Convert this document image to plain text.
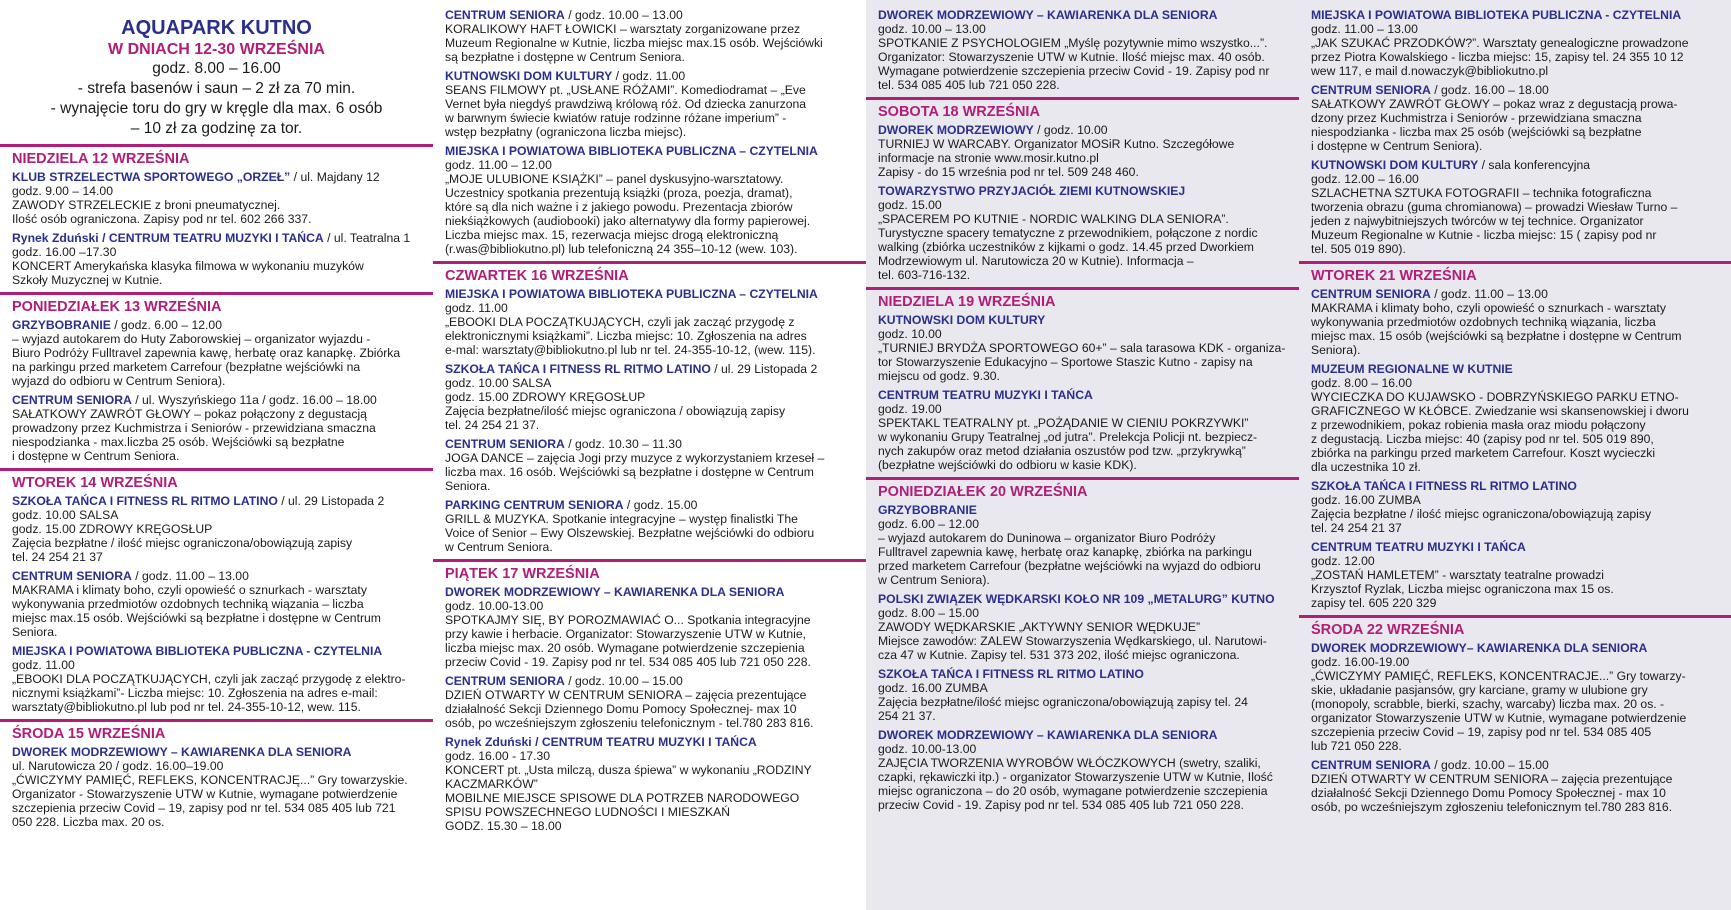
AQUAPARK KUTNO
W DNIACH 12-30 WRZEŚNIA
godz. 8.00 – 16.00
- strefa basenów i saun – 2 zł za 70 min.
- wynajęcie toru do gry w kręgle dla max. 6 osób
– 10 zł za godzinę za tor.
NIEDZIELA 12 WRZEŚNIA
KLUB STRZELECTWA SPORTOWEGO „ORZEŁ” / ul. Majdany 12
godz. 9.00 – 14.00
ZAWODY STRZELECKIE z broni pneumatycznej.
Ilość osób ograniczona. Zapisy pod nr tel. 602 266 337.
Rynek Zduński / CENTRUM TEATRU MUZYKI I TAŃCA / ul. Teatralna 1
godz. 16.00 –17.30
KONCERT Amerykańska klasyka filmowa w wykonaniu muzyków
Szkoły Muzycznej w Kutnie.
PONIEDZIAŁEK 13 WRZEŚNIA
GRZYBOBRANIE / godz. 6.00 – 12.00
– wyjazd autokarem do Huty Zaborowskiej – organizator wyjazdu -
Biuro Podróży Fulltravel zapewnia kawę, herbatę oraz kanapkę. Zbiórka
na parkingu przed marketem Carrefour (bezpłatne wejściówki na
wyjazd do odbioru w Centrum Seniora).
CENTRUM SENIORA / ul. Wyszyńskiego 11a / godz. 16.00 – 18.00
SAŁATKOWY ZAWRÓT GŁOWY – pokaz połączony z degustacją
prowadzony przez Kuchmistrza i Seniorów - przewidziana smaczna
niespodzianka - max.liczba 25 osób. Wejściówki są bezpłatne
i dostępne w Centrum Seniora.
WTOREK 14 WRZEŚNIA
SZKOŁA TAŃCA I FITNESS RL RITMO LATINO / ul. 29 Listopada 2
godz. 10.00 SALSA
godz. 15.00 ZDROWY KRĘGOSŁUP
Zajęcia bezpłatne / ilość miejsc ograniczona/obowiązują zapisy
tel. 24 254 21 37
CENTRUM SENIORA / godz. 11.00 – 13.00
MAKRAMA i klimaty boho, czyli opowieść o sznurkach - warsztaty
wykonywania przedmiotów ozdobnych techniką wiązania – liczba
miejsc max.15 osób. Wejściówki są bezpłatne i dostępne w Centrum
Seniora.
MIEJSKA I POWIATOWA BIBLIOTEKA PUBLICZNA - CZYTELNIA
godz. 11.00
„EBOOKI DLA POCZĄTKUJĄCYCH, czyli jak zacząć przygodę z elektro-
nicznymi książkami”- Liczba miejsc: 10. Zgłoszenia na adres e-mail:
warsztaty@bibliokutno.pl lub pod nr tel. 24-355-10-12, wew. 115.
ŚRODA 15 WRZEŚNIA
DWOREK MODRZEWIOWY – KAWIARENKA DLA SENIORA
ul. Narutowicza 20 / godz. 16.00–19.00
„ĆWICZYMY PAMIĘĆ, REFLEKS, KONCENTRACJĘ...” Gry towarzyskie.
Organizator - Stowarzyszenie UTW w Kutnie, wymagane potwierdzenie
szczepienia przeciw Covid – 19, zapisy pod nr tel. 534 085 405 lub 721
050 228. Liczba max. 20 os.
CENTRUM SENIORA / godz. 10.00 – 13.00
KORALIKOWY HAFT ŁOWICKI – warsztaty zorganizowane przez
Muzeum Regionalne w Kutnie, liczba miejsc max.15 osób. Wejściówki
są bezpłatne i dostępne w Centrum Seniora.
KUTNOWSKI DOM KULTURY / godz. 11.00
SEANS FILMOWY pt. „USŁANE RÓŻAMI”. Komediodramat – „Eve
Vernet była niegdyś prawdziwą królową róż. Od dziecka zanurzona
w barwnym świecie kwiatów ratuje rodzinne różane imperium” -
wstęp bezpłatny (ograniczona liczba miejsc).
MIEJSKA I POWIATOWA BIBLIOTEKA PUBLICZNA – CZYTELNIA
godz. 11.00 – 12.00
„MOJE ULUBIONE KSIĄŻKI” – panel dyskusyjno-warsztatowy.
Uczestnicy spotkania prezentują książki (proza, poezja, dramat),
które są dla nich ważne i z jakiego powodu. Prezentacja zbiorów
niekśiążkowych (audiobooki) jako alternatywy dla formy papierowej.
Liczba miejsc max. 15, rezerwacja miejsc drogą elektroniczną
(r.was@bibliokutno.pl) lub telefoniczną 24 355–10-12 (wew. 103).
CZWARTEK 16 WRZEŚNIA
MIEJSKA I POWIATOWA BIBLIOTEKA PUBLICZNA – CZYTELNIA
godz. 11.00
„EBOOKI DLA POCZĄTKUJĄCYCH, czyli jak zacząć przygodę z
elektronicznymi książkami”. Liczba miejsc: 10. Zgłoszenia na adres
e-mal: warsztaty@bibliokutno.pl lub nr tel. 24-355-10-12, (wew. 115).
SZKOŁA TAŃCA I FITNESS RL RITMO LATINO / ul. 29 Listopada 2
godz. 10.00 SALSA
godz. 15.00 ZDROWY KRĘGOSŁUP
Zajęcia bezpłatne/ilość miejsc ograniczona / obowiązują zapisy
tel. 24 254 21 37.
CENTRUM SENIORA / godz. 10.30 – 11.30
JOGA DANCE – zajęcia Jogi przy muzyce z wykorzystaniem krzeseł –
liczba max. 16 osób. Wejściówki są bezpłatne i dostępne w Centrum
Seniora.
PARKING CENTRUM SENIORA / godz. 15.00
GRILL & MUZYKA. Spotkanie integracyjne – występ finalistki The
Voice of Senior – Ewy Olszewskiej. Bezpłatne wejściówki do odbioru
w Centrum Seniora.
PIĄTEK 17 WRZEŚNIA
DWOREK MODRZEWIOWY – KAWIARENKA DLA SENIORA
godz. 10.00-13.00
SPOTKAJMY SIĘ, BY POROZMAWIAĆ O... Spotkania integracyjne
przy kawie i herbacie. Organizator: Stowarzyszenie UTW w Kutnie,
liczba miejsc max. 20 osób. Wymagane potwierdzenie szczepienia
przeciw Covid - 19. Zapisy pod nr tel. 534 085 405 lub 721 050 228.
CENTRUM SENIORA / godz. 10.00 – 15.00
DZIEŃ OTWARTY W CENTRUM SENIORA – zajęcia prezentujące
działalność Sekcji Dziennego Domu Pomocy Społecznej- max 10
osób, po wcześniejszym zgłoszeniu telefonicznym - tel.780 283 816.
Rynek Zduński / CENTRUM TEATRU MUZYKI I TAŃCA
godz. 16.00 - 17.30
KONCERT pt. „Usta milczą, dusza śpiewa” w wykonaniu „RODZINY
KACZMARKÓW”
MOBILNE MIEJSCE SPISOWE DLA POTRZEB NARODOWEGO
SPISU POWSZECHNEGO LUDNOŚCI I MIESZKAŃ
GODZ. 15.30 – 18.00
DWOREK MODRZEWIOWY – KAWIARENKA DLA SENIORA
godz. 10.00 – 13.00
SPOTKANIE Z PSYCHOLOGIEM „Myślę pozytywnie mimo wszystko...”.
Organizator: Stowarzyszenie UTW w Kutnie. Ilość miejsc max. 40 osób.
Wymagane potwierdzenie szczepienia przeciw Covid - 19. Zapisy pod nr
tel. 534 085 405 lub 721 050 228.
SOBOTA 18 WRZEŚNIA
DWOREK MODRZEWIOWY / godz. 10.00
TURNIEJ W WARCABY. Organizator MOSiR Kutno. Szczegółowe
informacje na stronie www.mosir.kutno.pl
Zapisy - do 15 września pod nr tel. 509 248 460.
TOWARZYSTWO PRZYJACIÓŁ ZIEMI KUTNOWSKIEJ
godz. 15.00
„SPACEREM PO KUTNIE - NORDIC WALKING DLA SENIORA”.
Turystyczne spacery tematyczne z przewodnikiem, połączone z nordic
walking (zbiórka uczestników z kijkami o godz. 14.45 przed Dworkiem
Modrzewiowym ul. Narutowicza 20 w Kutnie). Informacja –
tel. 603-716-132.
NIEDZIELA 19 WRZEŚNIA
KUTNOWSKI DOM KULTURY
godz. 10.00
„TURNIEJ BRYDŻA SPORTOWEGO 60+” – sala tarasowa KDK - organiza-
tor Stowarzyszenie Edukacyjno – Sportowe Staszic Kutno - zapisy na
miejscu od godz. 9.30.
CENTRUM TEATRU MUZYKI I TAŃCA
godz. 19.00
SPEKTAKL TEATRALNY pt. „POŻĄDANIE W CIENIU POKRZYWKI”
w wykonaniu Grupy Teatralnej „od jutra”. Prelekcja Policji nt. bezpiecz-
nych zakupów oraz metod działania oszustów pod tzw. „przykrywką”
(bezpłatne wejściówki do odbioru w kasie KDK).
PONIEDZIAŁEK 20 WRZEŚNIA
GRZYBOBRANIE
godz. 6.00 – 12.00
– wyjazd autokarem do Duninowa – organizator Biuro Podróży
Fulltravel zapewnia kawę, herbatę oraz kanapkę, zbiórka na parkingu
przed marketem Carrefour (bezpłatne wejściówki na wyjazd do odbioru
w Centrum Seniora).
POLSKI ZWIĄZEK WĘDKARSKI KOŁO NR 109 „METALURG” KUTNO
godz. 8.00 – 15.00
ZAWODY WĘDKARSKIE „AKTYWNY SENIOR WĘDKUJE”
Miejsce zawodów: ZALEW Stowarzyszenia Wędkarskiego, ul. Narutowi-
cza 47 w Kutnie. Zapisy tel. 531 373 202, ilość miejsc ograniczona.
SZKOŁA TAŃCA I FITNESS RL RITMO LATINO
godz. 16.00 ZUMBA
Zajęcia bezpłatne/ilość miejsc ograniczona/obowiązują zapisy tel. 24
254 21 37.
DWOREK MODRZEWIOWY – KAWIARENKA DLA SENIORA
godz. 10.00-13.00
ZAJĘCIA TWORZENIA WYROBÓW WŁÓCZKOWYCH (swetry, szaliki,
czapki, rękawiczki itp.) - organizator Stowarzyszenie UTW w Kutnie, Ilość
miejsc ograniczona – do 20 osób, wymagane potwierdzenie szczepienia
przeciw Covid - 19. Zapisy pod nr tel. 534 085 405 lub 721 050 228.
MIEJSKA I POWIATOWA BIBLIOTEKA PUBLICZNA - CZYTELNIA
godz. 11.00 – 13.00
„JAK SZUKAĆ PRZODKÓW?”. Warsztaty genealogiczne prowadzone
przez Piotra Kowalskiego - liczba miejsc: 15, zapisy tel. 24 355 10 12
wew 117, e mail d.nowaczyk@bibliokutno.pl
CENTRUM SENIORA / godz. 16.00 – 18.00
SAŁATKOWY ZAWRÓT GŁOWY – pokaz wraz z degustacją prowa-
dzony przez Kuchmistrza i Seniorów - przewidziana smaczna
niespodzianka - liczba max 25 osób (wejściówki są bezpłatne
i dostępne w Centrum Seniora).
KUTNOWSKI DOM KULTURY / sala konferencyjna
godz. 12.00 – 16.00
SZLACHETNA SZTUKA FOTOGRAFII – technika fotograficzna
tworzenia obrazu (guma chromianowa) – prowadzi Wiesław Turno –
jeden z najwybitniejszych twórców w tej technice. Organizator
Muzeum Regionalne w Kutnie - liczba miejsc: 15 ( zapisy pod nr
tel. 505 019 890).
WTOREK 21 WRZEŚNIA
CENTRUM SENIORA / godz. 11.00 – 13.00
MAKRAMA i klimaty boho, czyli opowieść o sznurkach - warsztaty
wykonywania przedmiotów ozdobnych techniką wiązania, liczba
miejsc max. 15 osób (wejściówki są bezpłatne i dostępne w Centrum
Seniora).
MUZEUM REGIONALNE W KUTNIE
godz. 8.00 – 16.00
WYCIECZKA DO KUJAWSKO - DOBRZYŃSKIEGO PARKU ETNO-
GRAFICZNEGO W KŁÓBCE. Zwiedzanie wsi skansenowskiej i dworu
z przewodnikiem, pokaz robienia masła oraz miodu połączony
z degustacją. Liczba miejsc: 40 (zapisy pod nr tel. 505 019 890,
zbiórka na parkingu przed marketem Carrefour. Koszt wycieczki
dla uczestnika 10 zł.
SZKOŁA TAŃCA I FITNESS RL RITMO LATINO
godz. 16.00 ZUMBA
Zajęcia bezpłatne / ilość miejsc ograniczona/obowiązują zapisy
tel. 24 254 21 37
CENTRUM TEATRU MUZYKI I TAŃCA
godz. 12.00
„ZOSTAŃ HAMLETEM” - warsztaty teatralne prowadzi
Krzysztof Ryzlak, Liczba miejsc ograniczona max 15 os.
zapisy tel. 605 220 329
ŚRODA 22 WRZEŚNIA
DWOREK MODRZEWIOWY– KAWIARENKA DLA SENIORA
godz. 16.00-19.00
„ĆWICZYMY PAMIĘĆ, REFLEKS, KONCENTRACJE...” Gry towarzy-
skie, układanie pasjansów, gry karciane, gramy w ulubione gry
(monopoly, scrabble, bierki, szachy, warcaby) liczba max. 20 os. -
organizator Stowarzyszenie UTW w Kutnie, wymagane potwierdzenie
szczepienia przeciw Covid – 19, zapisy pod nr tel. 534 085 405
lub 721 050 228.
CENTRUM SENIORA / godz. 10.00 – 15.00
DZIEŃ OTWARTY W CENTRUM SENIORA – zajęcia prezentujące
działalność Sekcji Dziennego Domu Pomocy Społecznej - max 10
osób, po wcześniejszym zgłoszeniu telefonicznym tel.780 283 816.
